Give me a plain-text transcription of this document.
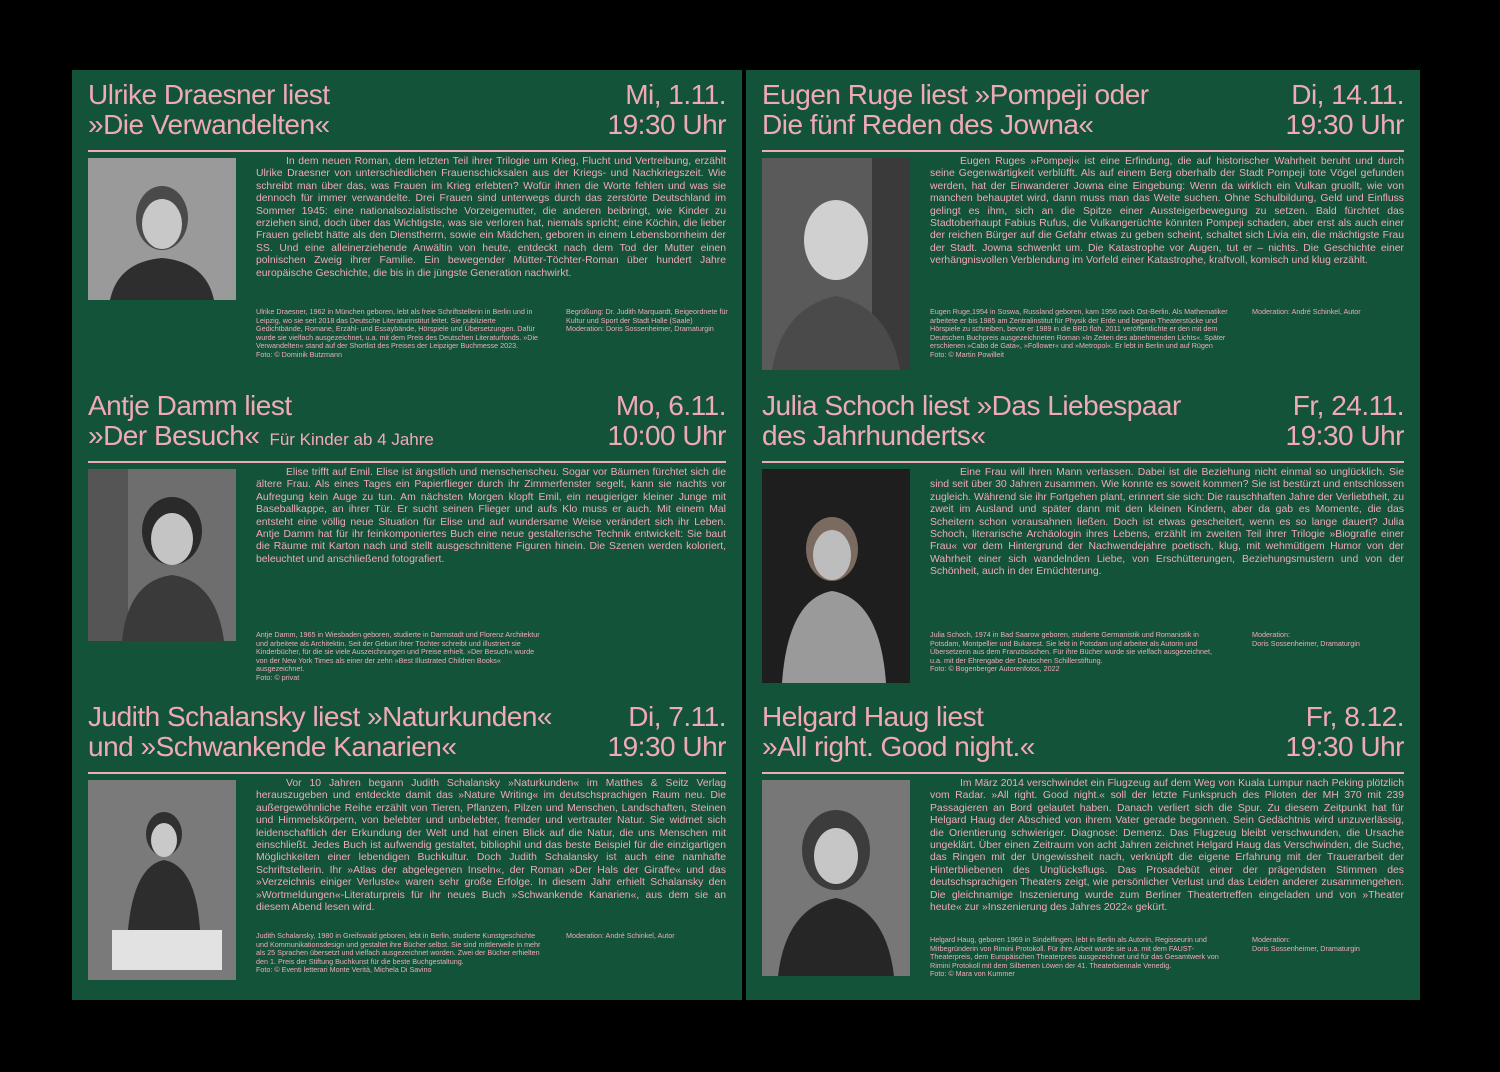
Ulrike Draesner liest
»Die Verwandelten«
Mi, 1.11.
19:30 Uhr
In dem neuen Roman, dem letzten Teil ihrer Trilogie um Krieg, Flucht und Vertreibung, erzählt Ulrike Draesner von unterschiedlichen Frauenschicksalen aus der Kriegs- und Nachkriegszeit. Wie schreibt man über das, was Frauen im Krieg erlebten? Wofür ihnen die Worte fehlen und was sie dennoch für immer verwandelte. Drei Frauen sind unterwegs durch das zerstörte Deutschland im Sommer 1945: eine nationalsozialistische Vorzeigemutter, die anderen beibringt, wie Kinder zu erziehen sind, doch über das Wichtigste, was sie verloren hat, niemals spricht; eine Köchin, die lieber Frauen geliebt hätte als den Dienstherrn, sowie ein Mädchen, geboren in einem Lebensbornheim der SS. Und eine alleinerziehende Anwältin von heute, entdeckt nach dem Tod der Mutter einen polnischen Zweig ihrer Familie. Ein bewegender Mütter-Töchter-Roman über hundert Jahre europäische Geschichte, die bis in die jüngste Generation nachwirkt.
Ulrike Draesner, 1962 in München geboren, lebt als freie Schriftstellerin in Berlin und in Leipzig, wo sie seit 2018 das Deutsche Literaturinstitut leitet. Sie publizierte Gedichtbände, Romane, Erzähl- und Essaybände, Hörspiele und Übersetzungen. Dafür wurde sie vielfach ausgezeichnet, u.a. mit dem Preis des Deutschen Literaturfonds. »Die Verwandelten« stand auf der Shortlist des Preises der Leipziger Buchmesse 2023.
Foto: © Dominik Butzmann
Begrüßung: Dr. Judith Marquardt, Beigeordnete für Kultur und Sport der Stadt Halle (Saale)
Moderation: Doris Sossenheimer, Dramaturgin
Antje Damm liest
»Der Besuch« Für Kinder ab 4 Jahre
Mo, 6.11.
10:00 Uhr
Elise trifft auf Emil. Elise ist ängstlich und menschenscheu. Sogar vor Bäumen fürchtet sich die ältere Frau. Als eines Tages ein Papierflieger durch ihr Zimmerfenster segelt, kann sie nachts vor Aufregung kein Auge zu tun. Am nächsten Morgen klopft Emil, ein neugieriger kleiner Junge mit Baseballkappe, an ihrer Tür. Er sucht seinen Flieger und aufs Klo muss er auch. Mit einem Mal entsteht eine völlig neue Situation für Elise und auf wundersame Weise verändert sich ihr Leben. Antje Damm hat für ihr feinkomponiertes Buch eine neue gestalterische Technik entwickelt: Sie baut die Räume mit Karton nach und stellt ausgeschnittene Figuren hinein. Die Szenen werden koloriert, beleuchtet und anschließend fotografiert.
Antje Damm, 1965 in Wiesbaden geboren, studierte in Darmstadt und Florenz Architektur und arbeitete als Architektin. Seit der Geburt ihrer Töchter schreibt und illustriert sie Kinderbücher, für die sie viele Auszeichnungen und Preise erhielt. »Der Besuch« wurde von der New York Times als einer der zehn »Best Illustrated Children Books« ausgezeichnet.
Foto: © privat
Judith Schalansky liest »Naturkunden«
und »Schwankende Kanarien«
Di, 7.11.
19:30 Uhr
Vor 10 Jahren begann Judith Schalansky »Naturkunden« im Matthes & Seitz Verlag herauszugeben und entdeckte damit das »Nature Writing« im deutschsprachigen Raum neu. Die außergewöhnliche Reihe erzählt von Tieren, Pflanzen, Pilzen und Menschen, Landschaften, Steinen und Himmelskörpern, von belebter und unbelebter, fremder und vertrauter Natur. Sie widmet sich leidenschaftlich der Erkundung der Welt und hat einen Blick auf die Natur, die uns Menschen mit einschließt. Jedes Buch ist aufwendig gestaltet, bibliophil und das beste Beispiel für die einzigartigen Möglichkeiten einer lebendigen Buchkultur. Doch Judith Schalansky ist auch eine namhafte Schriftstellerin. Ihr »Atlas der abgelegenen Inseln«, der Roman »Der Hals der Giraffe« und das »Verzeichnis einiger Verluste« waren sehr große Erfolge. In diesem Jahr erhielt Schalansky den »Wortmeldungen«-Literaturpreis für ihr neues Buch »Schwankende Kanarien«, aus dem sie an diesem Abend lesen wird.
Judith Schalansky, 1980 in Greifswald geboren, lebt in Berlin, studierte Kunstgeschichte und Kommunikationsdesign und gestaltet ihre Bücher selbst. Sie sind mittlerweile in mehr als 25 Sprachen übersetzt und vielfach ausgezeichnet worden. Zwei der Bücher erhielten den 1. Preis der Stiftung Buchkunst für die beste Buchgestaltung.
Foto: © Eventi letterari Monte Verità, Michela Di Savino
Moderation: André Schinkel, Autor
Eugen Ruge liest »Pompeji oder
Die fünf Reden des Jowna«
Di, 14.11.
19:30 Uhr
Eugen Ruges »Pompeji« ist eine Erfindung, die auf historischer Wahrheit beruht und durch seine Gegenwärtigkeit verblüfft. Als auf einem Berg oberhalb der Stadt Pompeji tote Vögel gefunden werden, hat der Einwanderer Jowna eine Eingebung: Wenn da wirklich ein Vulkan gruollt, wie von manchen behauptet wird, dann muss man das Weite suchen. Ohne Schulbildung, Geld und Einfluss gelingt es ihm, sich an die Spitze einer Aussteigerbewegung zu setzen. Bald fürchtet das Stadtoberhaupt Fabius Rufus, die Vulkangerüchte könnten Pompeji schaden, aber erst als auch einer der reichen Bürger auf die Gefahr etwas zu geben scheint, schaltet sich Livia ein, die mächtigste Frau der Stadt. Jowna schwenkt um. Die Katastrophe vor Augen, tut er – nichts. Die Geschichte einer verhängnisvollen Verblendung im Vorfeld einer Katastrophe, kraftvoll, komisch und klug erzählt.
Eugen Ruge,1954 in Soswa, Russland geboren, kam 1956 nach Ost-Berlin. Als Mathematiker arbeitete er bis 1985 am Zentralinstitut für Physik der Erde und begann Theaterstücke und Hörspiele zu schreiben, bevor er 1989 in die BRD floh. 2011 veröffentlichte er den mit dem Deutschen Buchpreis ausgezeichneten Roman »In Zeiten des abnehmenden Lichts«. Später erschienen »Cabo de Gata«, »Follower« und »Metropol«. Er lebt in Berlin und auf Rügen
Foto: © Martin Powilleit
Moderation: André Schinkel, Autor
Julia Schoch liest »Das Liebespaar
des Jahrhunderts«
Fr, 24.11.
19:30 Uhr
Eine Frau will ihren Mann verlassen. Dabei ist die Beziehung nicht einmal so unglücklich. Sie sind seit über 30 Jahren zusammen. Wie konnte es soweit kommen? Sie ist bestürzt und entschlossen zugleich. Während sie ihr Fortgehen plant, erinnert sie sich: Die rauschhaften Jahre der Verliebtheit, zu zweit im Ausland und später dann mit den kleinen Kindern, aber da gab es Momente, die das Scheitern schon vorausahnen ließen. Doch ist etwas gescheitert, wenn es so lange dauert? Julia Schoch, literarische Archäologin ihres Lebens, erzählt im zweiten Teil ihrer Trilogie »Biografie einer Frau« vor dem Hintergrund der Nachwendejahre poetisch, klug, mit wehmütigem Humor von der Wahrheit einer sich wandelnden Liebe, von Erschütterungen, Beziehungsmustern und von der Schönheit, auch in der Ernüchterung.
Julia Schoch, 1974 in Bad Saarow geboren, studierte Germanistik und Romanistik in Potsdam, Montpellier und Bukarest. Sie lebt in Potsdam und arbeitet als Autorin und Übersetzerin aus dem Französischen. Für ihre Bücher wurde sie vielfach ausgezeichnet, u.a. mit der Ehrengabe der Deutschen Schillerstiftung.
Foto: © Bogenberger Autorenfotos, 2022
Moderation:
Doris Sossenheimer, Dramaturgin
Helgard Haug liest
»All right. Good night.«
Fr, 8.12.
19:30 Uhr
Im März 2014 verschwindet ein Flugzeug auf dem Weg von Kuala Lumpur nach Peking plötzlich vom Radar. »All right. Good night.« soll der letzte Funkspruch des Piloten der MH 370 mit 239 Passagieren an Bord gelautet haben. Danach verliert sich die Spur. Zu diesem Zeitpunkt hat für Helgard Haug der Abschied von ihrem Vater gerade begonnen. Sein Gedächtnis wird unzuverlässig, die Orientierung schwieriger. Diagnose: Demenz. Das Flugzeug bleibt verschwunden, die Ursache ungeklärt. Über einen Zeitraum von acht Jahren zeichnet Helgard Haug das Verschwinden, die Suche, das Ringen mit der Ungewissheit nach, verknüpft die eigene Erfahrung mit der Trauerarbeit der Hinterbliebenen des Unglücksflugs. Das Prosadebüt einer der prägendsten Stimmen des deutschsprachigen Theaters zeigt, wie persönlicher Verlust und das Leiden anderer zusammengehen. Die gleichnamige Inszenierung wurde zum Berliner Theatertreffen eingeladen und von »Theater heute« zur »Inszenierung des Jahres 2022« gekürt.
Helgard Haug, geboren 1969 in Sindelfingen, lebt in Berlin als Autorin, Regisseurin und Mitbegründerin von Rimini Protokoll. Für ihre Arbeit wurde sie u.a. mit dem FAUST-Theaterpreis, dem Europäischen Theaterpreis ausgezeichnet und für das Gesamtwerk von Rimini Protokoll mit dem Silbernen Löwen der 41. Theaterbiennale Venedig.
Foto: © Mara von Kummer
Moderation:
Doris Sossenheimer, Dramaturgin
